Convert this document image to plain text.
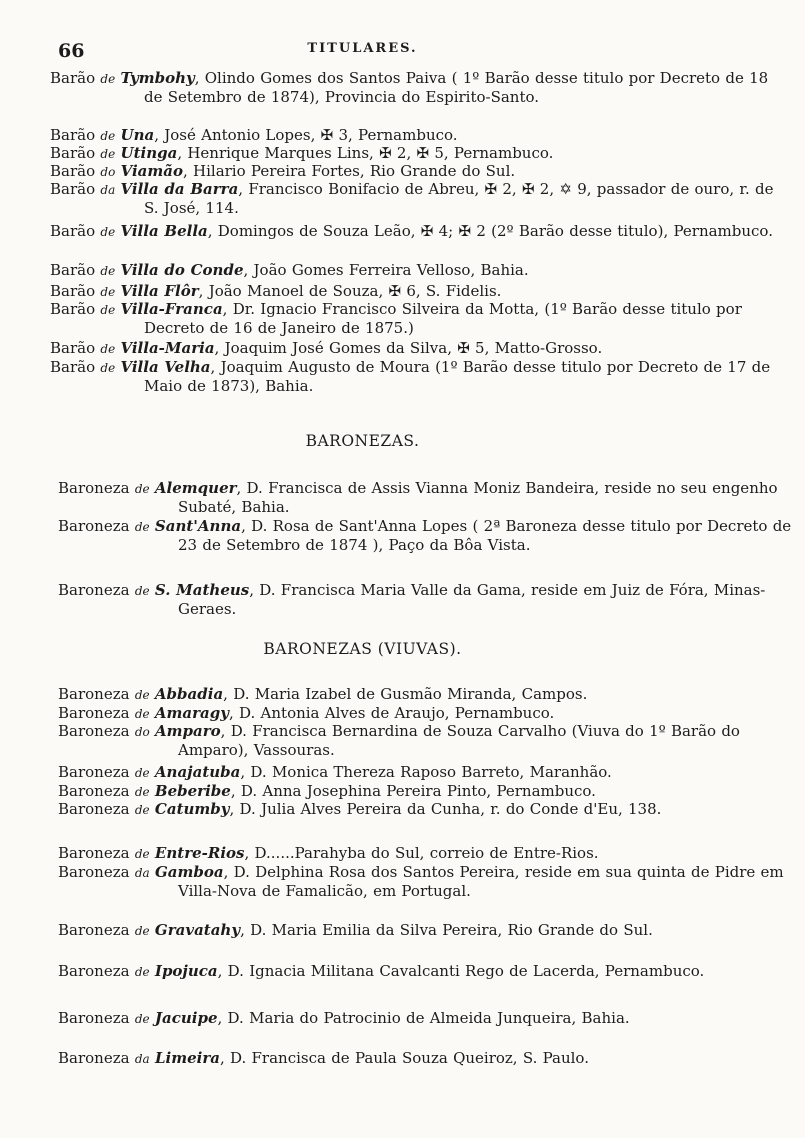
66	TITULARES.
Barão de Tymbohy, Olindo Gomes dos Santos Paiva ( 1º Barão desse titulo por Decreto de 18 de Setembro de 1874), Provincia do Espirito-Santo.
Barão de Una, José Antonio Lopes, ✠ 3, Pernambuco.
Barão de Utinga, Henrique Marques Lins, ✠ 2, ✠ 5, Pernambuco.
Barão do Viamão, Hilario Pereira Fortes, Rio Grande do Sul.
Barão da Villa da Barra, Francisco Bonifacio de Abreu, ✠ 2, ✠ 2, ✡ 9, passador de ouro, r. de S. José, 114.
Barão de Villa Bella, Domingos de Souza Leão, ✠ 4; ✠ 2 (2º Barão desse titulo), Pernambuco.
Barão de Villa do Conde, João Gomes Ferreira Velloso, Bahia.
Barão de Villa Flôr, João Manoel de Souza, ✠ 6, S. Fidelis.
Barão de Villa-Franca, Dr. Ignacio Francisco Silveira da Motta, (1º Barão desse titulo por Decreto de 16 de Janeiro de 1875.)
Barão de Villa-Maria, Joaquim José Gomes da Silva, ✠ 5, Matto-Grosso.
Barão de Villa Velha, Joaquim Augusto de Moura (1º Barão desse titulo por Decreto de 17 de Maio de 1873), Bahia.
BARONEZAS.
Baroneza de Alemquer, D. Francisca de Assis Vianna Moniz Bandeira, reside no seu engenho Subaté, Bahia.
Baroneza de Sant'Anna, D. Rosa de Sant'Anna Lopes ( 2ª Baroneza desse titulo por Decreto de 23 de Setembro de 1874 ), Paço da Bôa Vista.
Baroneza de S. Matheus, D. Francisca Maria Valle da Gama, reside em Juiz de Fóra, Minas-Geraes.
BARONEZAS (VIUVAS).
Baroneza de Abbadia, D. Maria Izabel de Gusmão Miranda, Campos.
Baroneza de Amaragy, D. Antonia Alves de Araujo, Pernambuco.
Baroneza do Amparo, D. Francisca Bernardina de Souza Carvalho (Viuva do 1º Barão do Amparo), Vassouras.
Baroneza de Anajatuba, D. Monica Thereza Raposo Barreto, Maranhão.
Baroneza de Beberibe, D. Anna Josephina Pereira Pinto, Pernambuco.
Baroneza de Catumby, D. Julia Alves Pereira da Cunha, r. do Conde d'Eu, 138.
Baroneza de Entre-Rios, D......Parahyba do Sul, correio de Entre-Rios.
Baroneza da Gamboa, D. Delphina Rosa dos Santos Pereira, reside em sua quinta de Pidre em Villa-Nova de Famalicão, em Portugal.
Baroneza de Gravatahy, D. Maria Emilia da Silva Pereira, Rio Grande do Sul.
Baroneza de Ipojuca, D. Ignacia Militana Cavalcanti Rego de Lacerda, Pernambuco.
Baroneza de Jacuipe, D. Maria do Patrocinio de Almeida Junqueira, Bahia.
Baroneza da Limeira, D. Francisca de Paula Souza Queiroz, S. Paulo.
